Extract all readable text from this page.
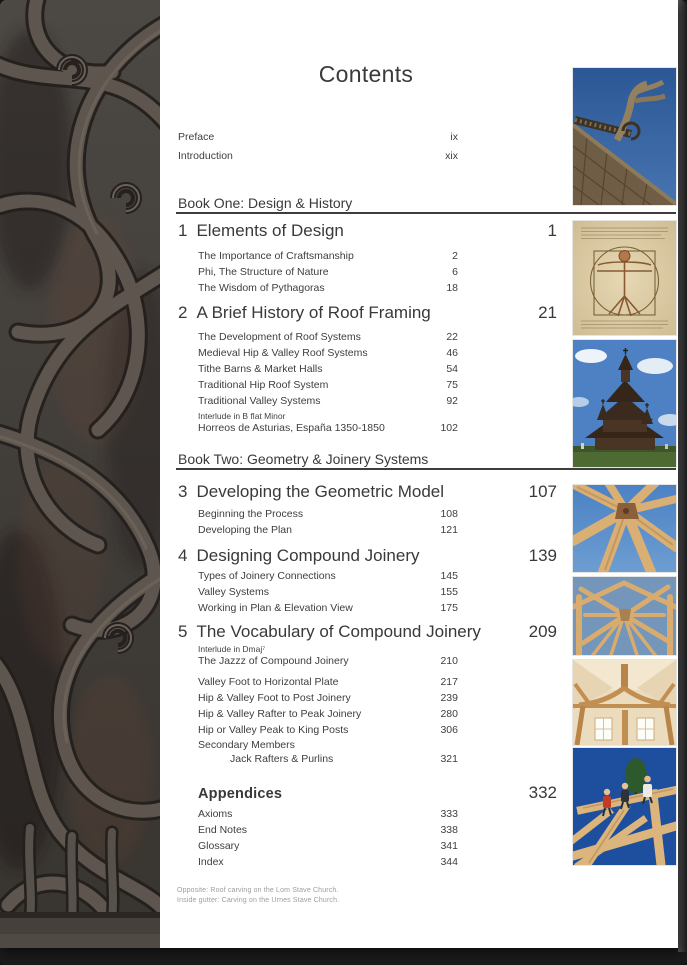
Contents
Preface	ix
Introduction	xix
Book One: Design & History
1 Elements of Design	1
The Importance of Craftsmanship	2
Phi, The Structure of Nature	6
The Wisdom of Pythagoras	18
2 A Brief History of Roof Framing	21
The Development of Roof Systems	22
Medieval Hip & Valley Roof Systems	46
Tithe Barns & Market Halls	54
Traditional Hip Roof System	75
Traditional Valley Systems	92
Interlude in B flat Minor
Horreos de Asturias, España 1350-1850	102
Book Two: Geometry & Joinery Systems
3 Developing the Geometric Model	107
Beginning the Process	108
Developing the Plan	121
4 Designing Compound Joinery	139
Types of Joinery Connections	145
Valley Systems	155
Working in Plan & Elevation View	175
5 The Vocabulary of Compound Joinery	209
Interlude in Dmaj⁷
The Jazzz of Compound Joinery	210
Valley Foot to Horizontal Plate	217
Hip & Valley Foot to Post Joinery	239
Hip & Valley Rafter to Peak Joinery	280
Hip or Valley Peak to King Posts	306
Secondary Members
Jack Rafters & Purlins	321
Appendices	332
Axioms	333
End Notes	338
Glossary	341
Index	344
Opposite: Roof carving on the Lom Stave Church.
Inside gutter: Carving on the Urnes Stave Church.
